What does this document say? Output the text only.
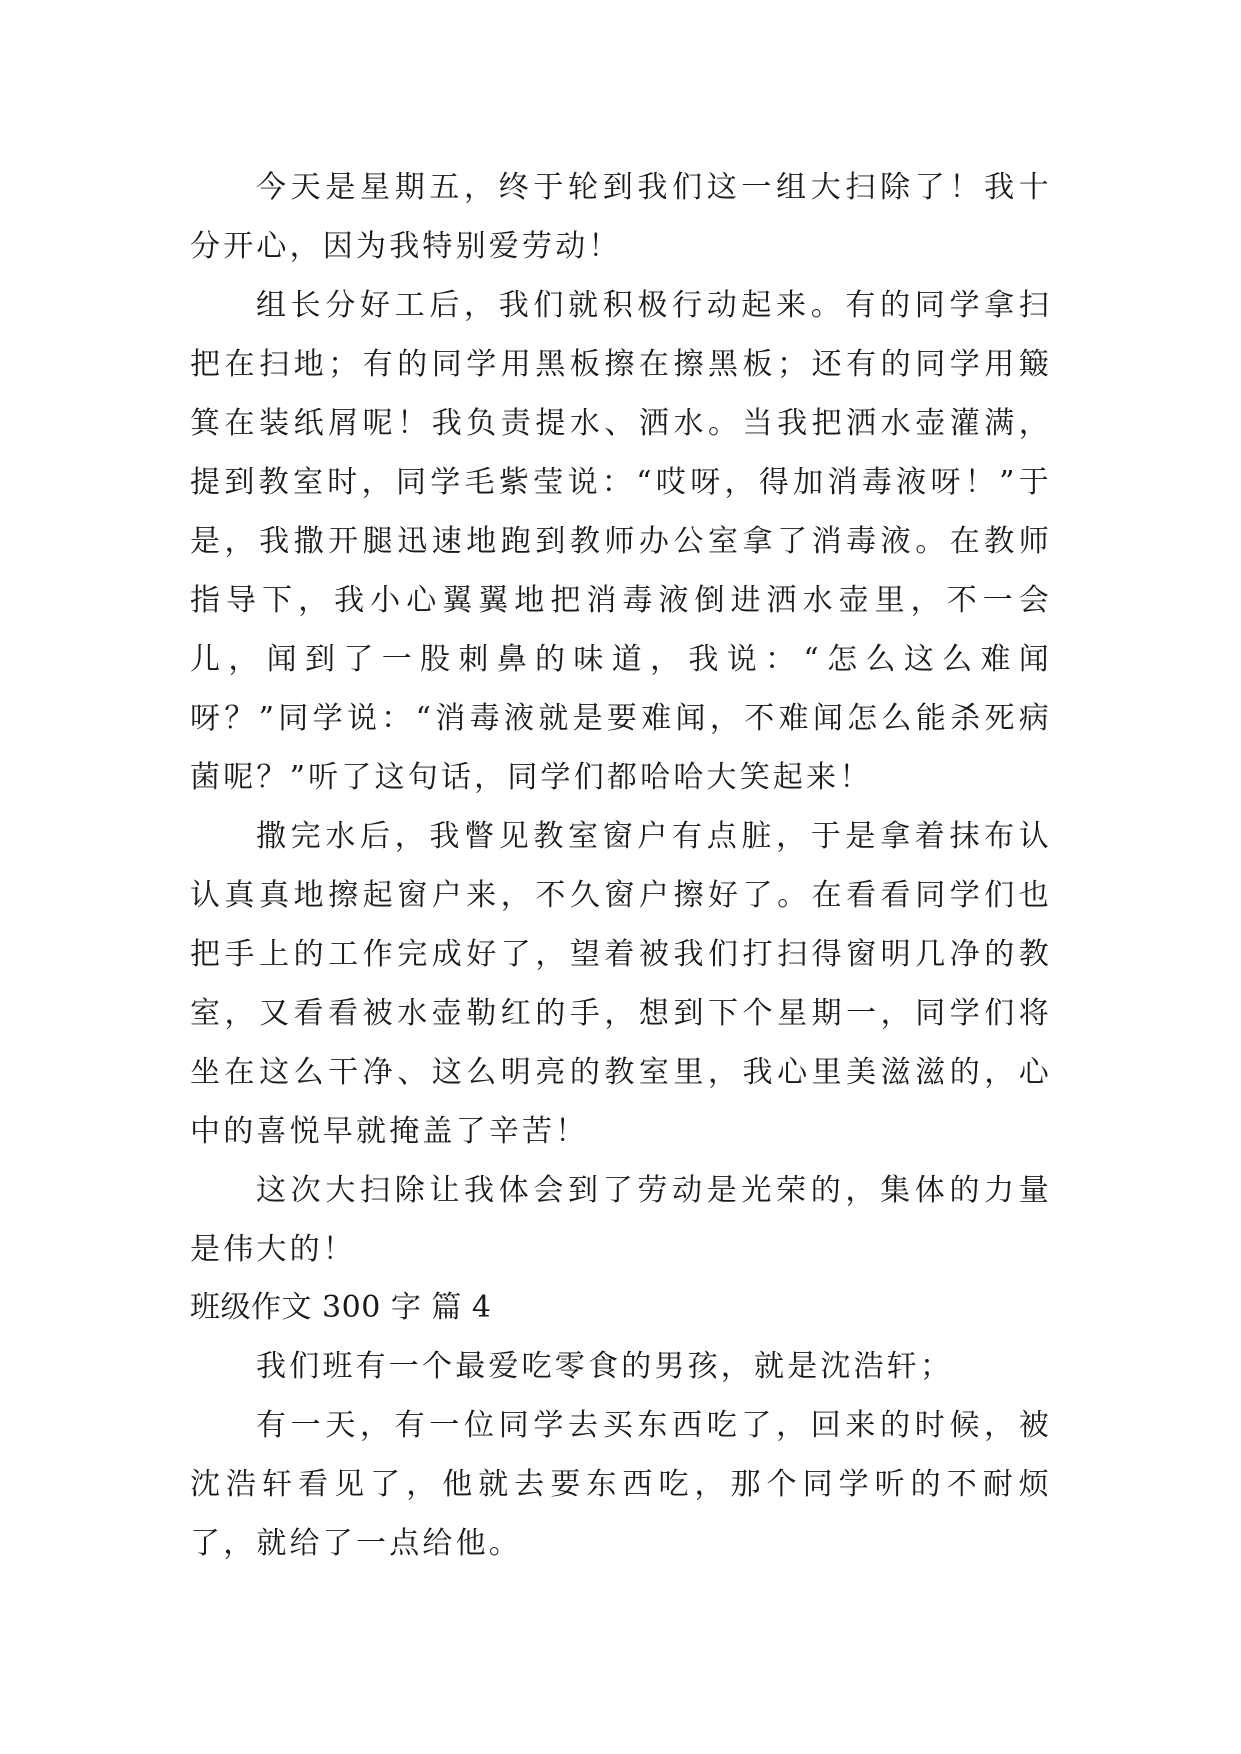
今天是星期五，终于轮到我们这一组大扫除了！我十分开心，因为我特别爱劳动！

组长分好工后，我们就积极行动起来。有的同学拿扫把在扫地；有的同学用黑板擦在擦黑板；还有的同学用簸箕在装纸屑呢！我负责提水、洒水。当我把洒水壶灌满，提到教室时，同学毛紫莹说：“哎呀，得加消毒液呀！”于是，我撒开腿迅速地跑到教师办公室拿了消毒液。在教师指导下，我小心翼翼地把消毒液倒进洒水壶里，不一会儿，闻到了一股刺鼻的味道，我说：“怎么这么难闻呀？”同学说：“消毒液就是要难闻，不难闻怎么能杀死病菌呢？”听了这句话，同学们都哈哈大笑起来！

撒完水后，我瞥见教室窗户有点脏，于是拿着抹布认认真真地擦起窗户来，不久窗户擦好了。在看看同学们也把手上的工作完成好了，望着被我们打扫得窗明几净的教室，又看看被水壶勒红的手，想到下个星期一，同学们将坐在这么干净、这么明亮的教室里，我心里美滋滋的，心中的喜悦早就掩盖了辛苦！

这次大扫除让我体会到了劳动是光荣的，集体的力量是伟大的！

班级作文 300 字 篇 4

我们班有一个最爱吃零食的男孩，就是沈浩轩；

有一天，有一位同学去买东西吃了，回来的时候，被沈浩轩看见了，他就去要东西吃，那个同学听的不耐烦了，就给了一点给他。
